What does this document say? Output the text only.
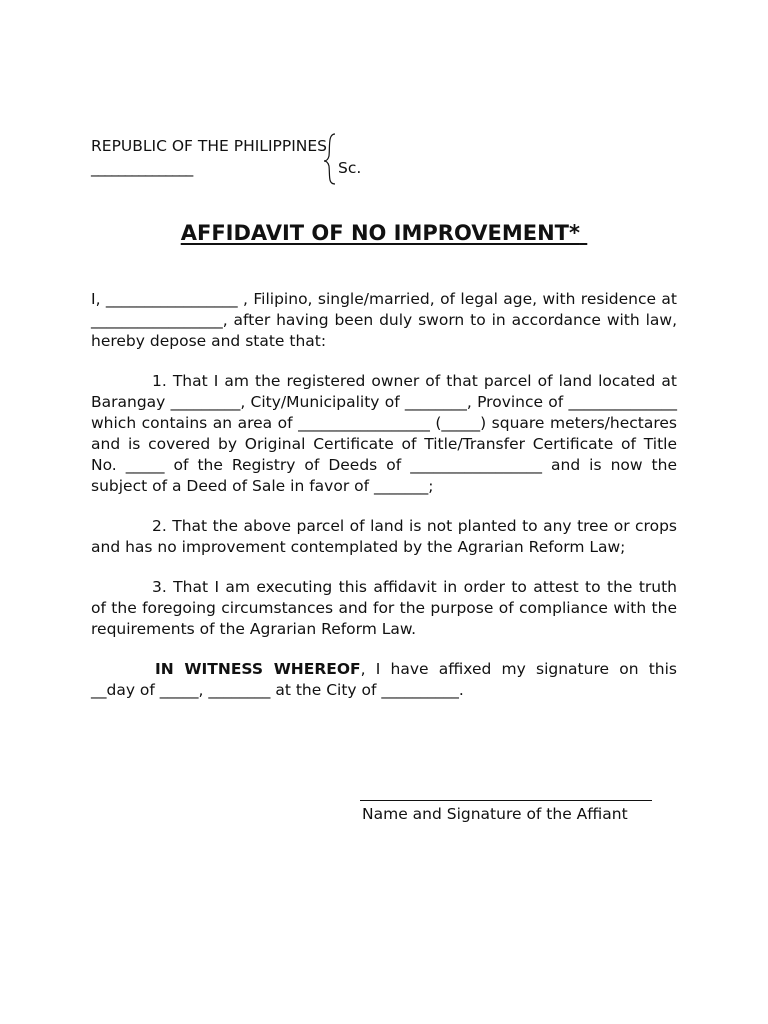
REPUBLIC OF THE PHILIPPINES
_______________	Sc.
AFFIDAVIT OF NO IMPROVEMENT*

I, _________________ , Filipino, single/married, of legal age, with residence at _________________, after having been duly sworn to in accordance with law, hereby depose and state that:

1. That I am the registered owner of that parcel of land located at Barangay _________, City/Municipality of ________, Province of ______________ which contains an area of _________________ (_____) square meters/hectares and is covered by Original Certificate of Title/Transfer Certificate of Title No. _____ of the Registry of Deeds of _________________ and is now the subject of a Deed of Sale in favor of _______;

2. That the above parcel of land is not planted to any tree or crops and has no improvement contemplated by the Agrarian Reform Law;

3. That I am executing this affidavit in order to attest to the truth of the foregoing circumstances and for the purpose of compliance with the requirements of the Agrarian Reform Law.

IN WITNESS WHEREOF, I have affixed my signature on this __day of _____, ________ at the City of __________.

Name and Signature of the Affiant
